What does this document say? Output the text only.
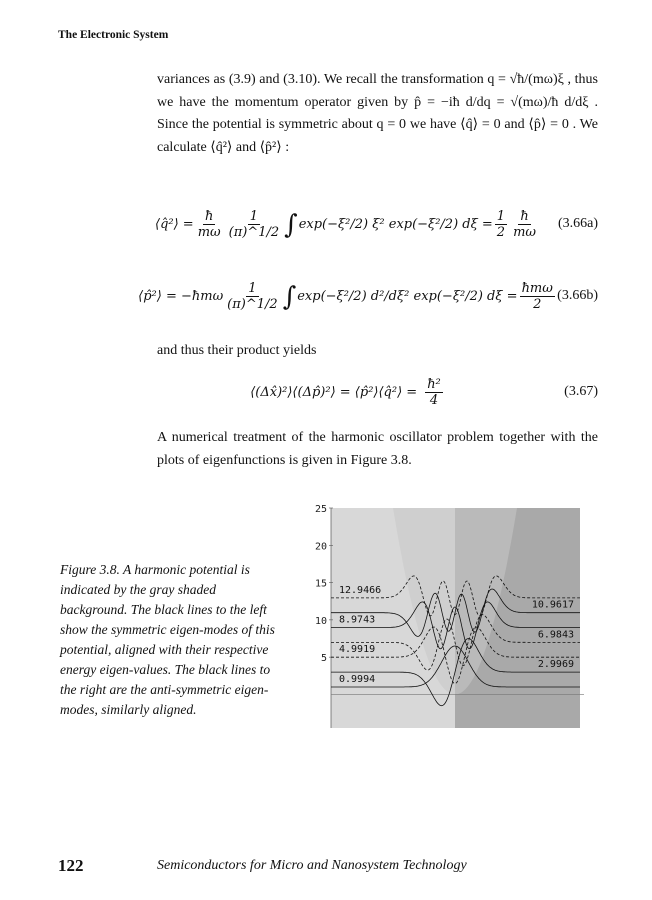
The Electronic System
variances as (3.9) and (3.10). We recall the transformation q = √ħ/(mω)ξ , thus we have the momentum operator given by p̂ = −iħ d/dq = √(mω)/ħ d/dξ . Since the potential is symmetric about q = 0 we have ⟨q̂⟩ = 0 and ⟨p̂⟩ = 0 . We calculate ⟨q̂²⟩ and ⟨p̂²⟩ :
⟨q̂²⟩ = $\frac{ħ}{m\omega} \frac{1}{(\pi)\^{}1/2}$ ∫ exp(−ξ²/2) ξ² exp(−ξ²/2) $d\xi = \frac{1}{2} \frac{ħ}{m\omega} (3.66a)$
⟨p̂²⟩ = −ħmω $\frac{1}{(\pi)\^{}1/2}$ ∫ exp(−ξ²/2) d²/dξ² exp(−ξ²/2) $d\xi = \frac{\text{ħmω}}{2} (3.66b)$
and thus their product yields
⟨(Δx̂)²⟩⟨(Δp̂)²⟩ = ⟨p̂²⟩⟨q̂²⟩ = $\frac{\text{ħ²}}{4}$	(3.67)
A numerical treatment of the harmonic oscillator problem together with the plots of eigenfunctions is given in Figure 3.8.
Figure 3.8. A harmonic potential is indicated by the gray shaded background. The black lines to the left show the symmetric eigen-modes of this potential, aligned with their respective energy eigen-values. The black lines to the right are the anti-symmetric eigen-modes, similarly aligned.
5
10
15
20
25
0.9994
4.9919
8.9743
12.9466
2.9969
6.9843
10.9617
122	Semiconductors for Micro and Nanosystem Technology
